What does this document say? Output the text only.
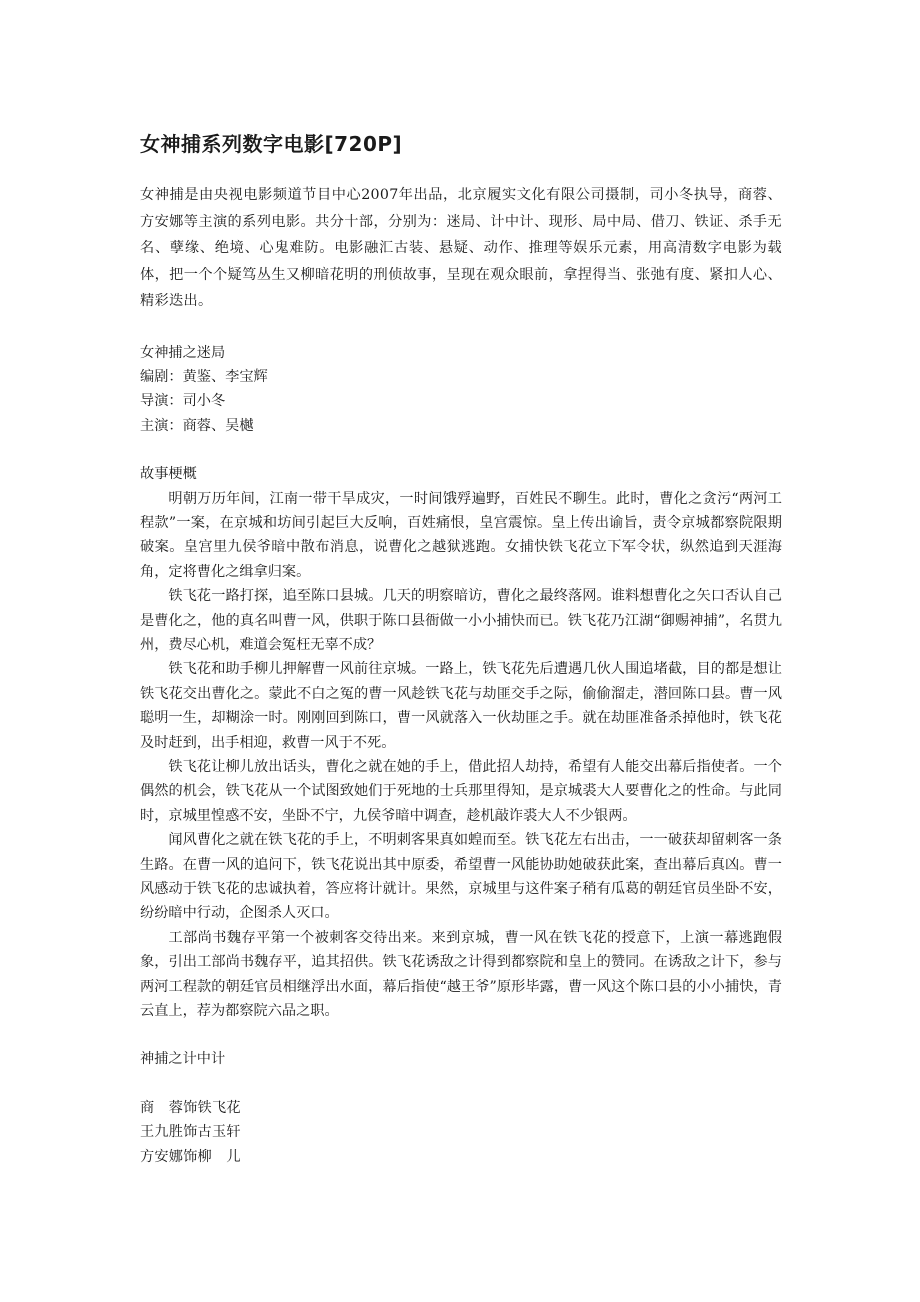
女神捕系列数字电影[720P]

女神捕是由央视电影频道节目中心2007年出品，北京履实文化有限公司摄制，司小冬执导，商蓉、方安娜等主演的系列电影。共分十部，分别为：迷局、计中计、现形、局中局、借刀、铁证、杀手无名、孽缘、绝境、心鬼难防。电影融汇古装、悬疑、动作、推理等娱乐元素，用高清数字电影为载体，把一个个疑笃丛生又柳暗花明的刑侦故事，呈现在观众眼前，拿捏得当、张弛有度、紧扣人心、精彩迭出。

女神捕之迷局
编剧：黄鉴、李宝辉
导演：司小冬
主演：商蓉、吴樾
故事梗概

明朝万历年间，江南一带干旱成灾，一时间饿殍遍野，百姓民不聊生。此时，曹化之贪污“两河工程款”一案，在京城和坊间引起巨大反响，百姓痛恨，皇宫震惊。皇上传出谕旨，责令京城都察院限期破案。皇宫里九侯爷暗中散布消息，说曹化之越狱逃跑。女捕快铁飞花立下军令状，纵然追到天涯海角，定将曹化之缉拿归案。

铁飞花一路打探，追至陈口县城。几天的明察暗访，曹化之最终落网。谁料想曹化之矢口否认自己是曹化之，他的真名叫曹一风，供职于陈口县衙做一小小捕快而已。铁飞花乃江湖“御赐神捕”，名贯九州，费尽心机，难道会冤枉无辜不成？

铁飞花和助手柳儿押解曹一风前往京城。一路上，铁飞花先后遭遇几伙人围追堵截，目的都是想让铁飞花交出曹化之。蒙此不白之冤的曹一风趁铁飞花与劫匪交手之际，偷偷溜走，潜回陈口县。曹一风聪明一生，却糊涂一时。刚刚回到陈口，曹一风就落入一伙劫匪之手。就在劫匪准备杀掉他时，铁飞花及时赶到，出手相迎，救曹一风于不死。

铁飞花让柳儿放出话头，曹化之就在她的手上，借此招人劫持，希望有人能交出幕后指使者。一个偶然的机会，铁飞花从一个试图致她们于死地的士兵那里得知，是京城裘大人要曹化之的性命。与此同时，京城里惶惑不安，坐卧不宁，九侯爷暗中调查，趁机敲诈裘大人不少银两。

闻风曹化之就在铁飞花的手上，不明刺客果真如蝗而至。铁飞花左右出击，一一破获却留刺客一条生路。在曹一风的追问下，铁飞花说出其中原委，希望曹一风能协助她破获此案，查出幕后真凶。曹一风感动于铁飞花的忠诚执着，答应将计就计。果然，京城里与这件案子稍有瓜葛的朝廷官员坐卧不安，纷纷暗中行动，企图杀人灭口。

工部尚书魏存平第一个被刺客交待出来。来到京城，曹一风在铁飞花的授意下，上演一幕逃跑假象，引出工部尚书魏存平，追其招供。铁飞花诱敌之计得到都察院和皇上的赞同。在诱敌之计下，参与两河工程款的朝廷官员相继浮出水面，幕后指使“越王爷”原形毕露，曹一风这个陈口县的小小捕快，青云直上，荐为都察院六品之职。

神捕之计中计
商　蓉饰铁飞花
王九胜饰古玉轩
方安娜饰柳　儿
